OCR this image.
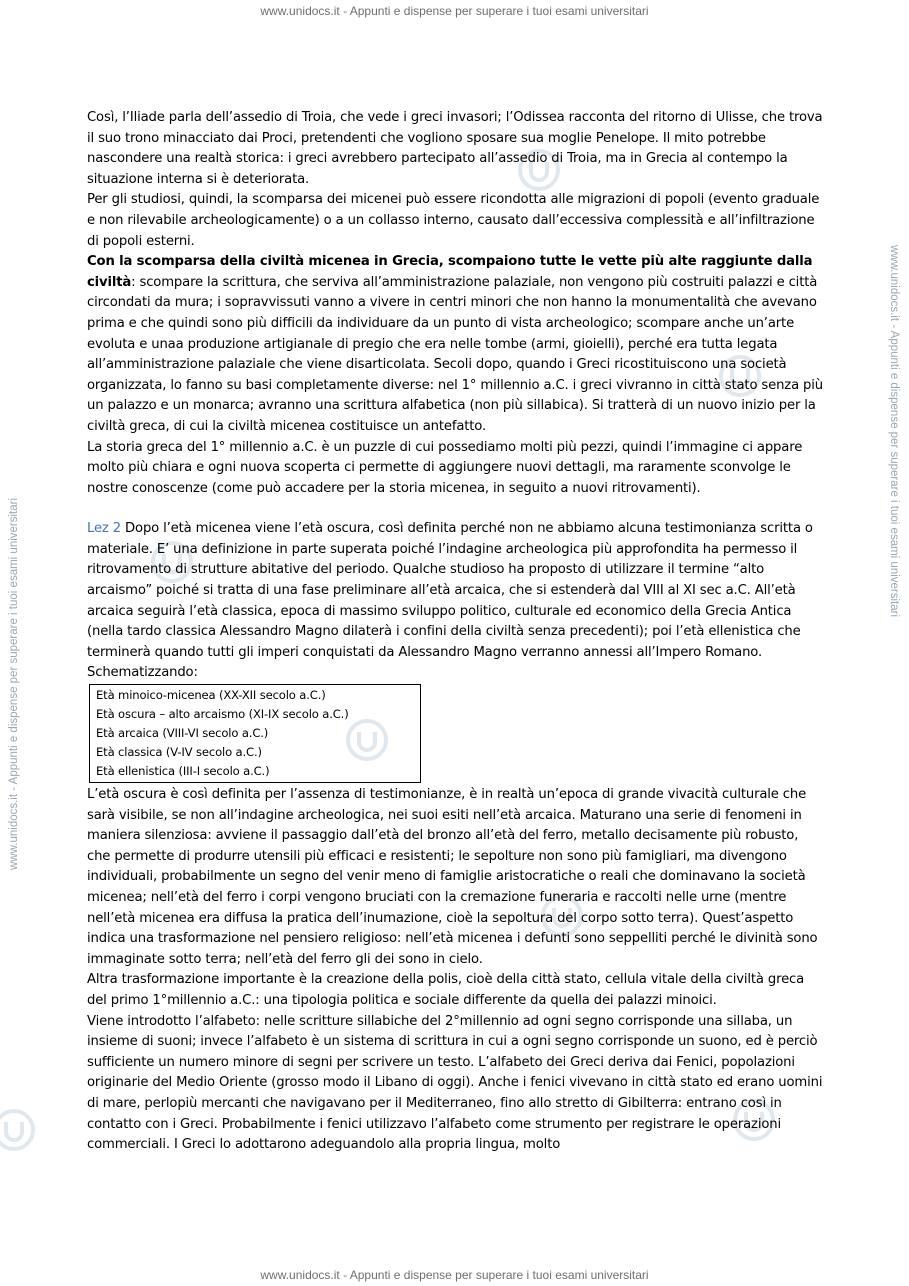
www.unidocs.it - Appunti e dispense per superare i tuoi esami universitari
www.unidocs.it - Appunti e dispense per superare i tuoi esami universitari
www.unidocs.it - Appunti e dispense per superare i tuoi esami universitari

Così, l’Iliade parla dell’assedio di Troia, che vede i greci invasori; l’Odissea racconta del ritorno di Ulisse, che trova il suo trono minacciato dai Proci, pretendenti che vogliono sposare sua moglie Penelope. Il mito potrebbe nascondere una realtà storica: i greci avrebbero partecipato all’assedio di Troia, ma in Grecia al contempo la situazione interna si è deteriorata.

Per gli studiosi, quindi, la scomparsa dei micenei può essere ricondotta alle migrazioni di popoli (evento graduale e non rilevabile archeologicamente) o a un collasso interno, causato dall’eccessiva complessità e all’infiltrazione di popoli esterni.

Con la scomparsa della civiltà micenea in Grecia, scompaiono tutte le vette più alte raggiunte dalla civiltà: scompare la scrittura, che serviva all’amministrazione palaziale, non vengono più costruiti palazzi e città circondati da mura; i sopravvissuti vanno a vivere in centri minori che non hanno la monumentalità che avevano prima e che quindi sono più difficili da individuare da un punto di vista archeologico; scompare anche un’arte evoluta e unaa produzione artigianale di pregio che era nelle tombe (armi, gioielli), perché era tutta legata all’amministrazione palaziale che viene disarticolata. Secoli dopo, quando i Greci ricostituiscono una società organizzata, lo fanno su basi completamente diverse: nel 1° millennio a.C. i greci vivranno in città stato senza più un palazzo e un monarca; avranno una scrittura alfabetica (non più sillabica). Si tratterà di un nuovo inizio per la civiltà greca, di cui la civiltà micenea costituisce un antefatto.

La storia greca del 1° millennio a.C. è un puzzle di cui possediamo molti più pezzi, quindi l’immagine ci appare molto più chiara e ogni nuova scoperta ci permette di aggiungere nuovi dettagli, ma raramente sconvolge le nostre conoscenze (come può accadere per la storia micenea, in seguito a nuovi ritrovamenti).

Lez 2 Dopo l’età micenea viene l’età oscura, così definita perché non ne abbiamo alcuna testimonianza scritta o materiale. E’ una definizione in parte superata poiché l’indagine archeologica più approfondita ha permesso il ritrovamento di strutture abitative del periodo. Qualche studioso ha proposto di utilizzare il termine “alto arcaismo” poiché si tratta di una fase preliminare all’età arcaica, che si estenderà dal VIII al XI sec a.C. All’età arcaica seguirà l’età classica, epoca di massimo sviluppo politico, culturale ed economico della Grecia Antica (nella tardo classica Alessandro Magno dilaterà i confini della civiltà senza precedenti); poi l’età ellenistica che terminerà quando tutti gli imperi conquistati da Alessandro Magno verranno annessi all’Impero Romano. Schematizzando:

Età minoico-micenea (XX-XII secolo a.C.)
Età oscura – alto arcaismo (XI-IX secolo a.C.)
Età arcaica (VIII-VI secolo a.C.)
Età classica (V-IV secolo a.C.)
Età ellenistica (III-I secolo a.C.)

L’età oscura è così definita per l’assenza di testimonianze, è in realtà un’epoca di grande vivacità culturale che sarà visibile, se non all’indagine archeologica, nei suoi esiti nell’età arcaica. Maturano una serie di fenomeni in maniera silenziosa: avviene il passaggio dall’età del bronzo all’età del ferro, metallo decisamente più robusto, che permette di produrre utensili più efficaci e resistenti; le sepolture non sono più famigliari, ma divengono individuali, probabilmente un segno del venir meno di famiglie aristocratiche o reali che dominavano la società micenea; nell’età del ferro i corpi vengono bruciati con la cremazione funeraria e raccolti nelle urne (mentre nell’età micenea era diffusa la pratica dell’inumazione, cioè la sepoltura del corpo sotto terra). Quest’aspetto indica una trasformazione nel pensiero religioso: nell’età micenea i defunti sono seppelliti perché le divinità sono immaginate sotto terra; nell’età del ferro gli dei sono in cielo.

Altra trasformazione importante è la creazione della polis, cioè della città stato, cellula vitale della civiltà greca del primo 1°millennio a.C.: una tipologia politica e sociale differente da quella dei palazzi minoici.

Viene introdotto l’alfabeto: nelle scritture sillabiche del 2°millennio ad ogni segno corrisponde una sillaba, un insieme di suoni; invece l’alfabeto è un sistema di scrittura in cui a ogni segno corrisponde un suono, ed è perciò sufficiente un numero minore di segni per scrivere un testo. L’alfabeto dei Greci deriva dai Fenici, popolazioni originarie del Medio Oriente (grosso modo il Libano di oggi). Anche i fenici vivevano in città stato ed erano uomini di mare, perlopiù mercanti che navigavano per il Mediterraneo, fino allo stretto di Gibilterra: entrano così in contatto con i Greci. Probabilmente i fenici utilizzavo l’alfabeto come strumento per registrare le operazioni commerciali. I Greci lo adottarono adeguandolo alla propria lingua, molto

www.unidocs.it - Appunti e dispense per superare i tuoi esami universitari
